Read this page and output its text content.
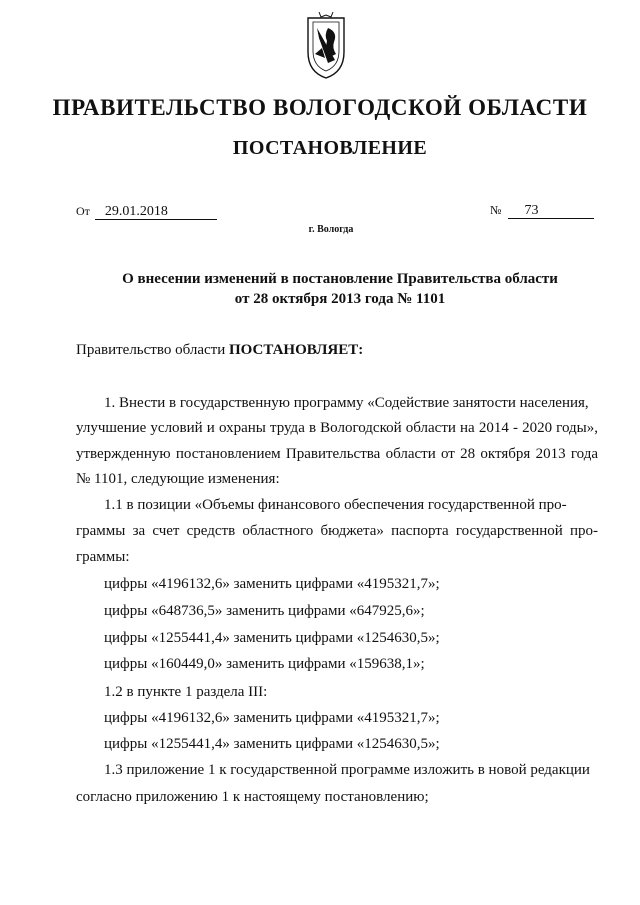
ПРАВИТЕЛЬСТВО ВОЛОГОДСКОЙ ОБЛАСТИ
ПОСТАНОВЛЕНИЕ
От 29.01.2018	№ 73
г. Вологда
О внесении изменений в постановление Правительства области
от 28 октября 2013 года № 1101
Правительство области ПОСТАНОВЛЯЕТ:
1. Внести в государственную программу «Содействие занятости населения,
улучшение условий и охраны труда в Вологодской области на 2014 - 2020 годы»,
утвержденную постановлением Правительства области от 28 октября 2013 года
№ 1101, следующие изменения:
1.1 в позиции «Объемы финансового обеспечения государственной про-
граммы за счет средств областного бюджета» паспорта государственной про-
граммы:
цифры «4196132,6» заменить цифрами «4195321,7»;
цифры «648736,5» заменить цифрами «647925,6»;
цифры «1255441,4» заменить цифрами «1254630,5»;
цифры «160449,0» заменить цифрами «159638,1»;
1.2 в пункте 1 раздела III:
цифры «4196132,6» заменить цифрами «4195321,7»;
цифры «1255441,4» заменить цифрами «1254630,5»;
1.3 приложение 1 к государственной программе изложить в новой редакции
согласно приложению 1 к настоящему постановлению;
